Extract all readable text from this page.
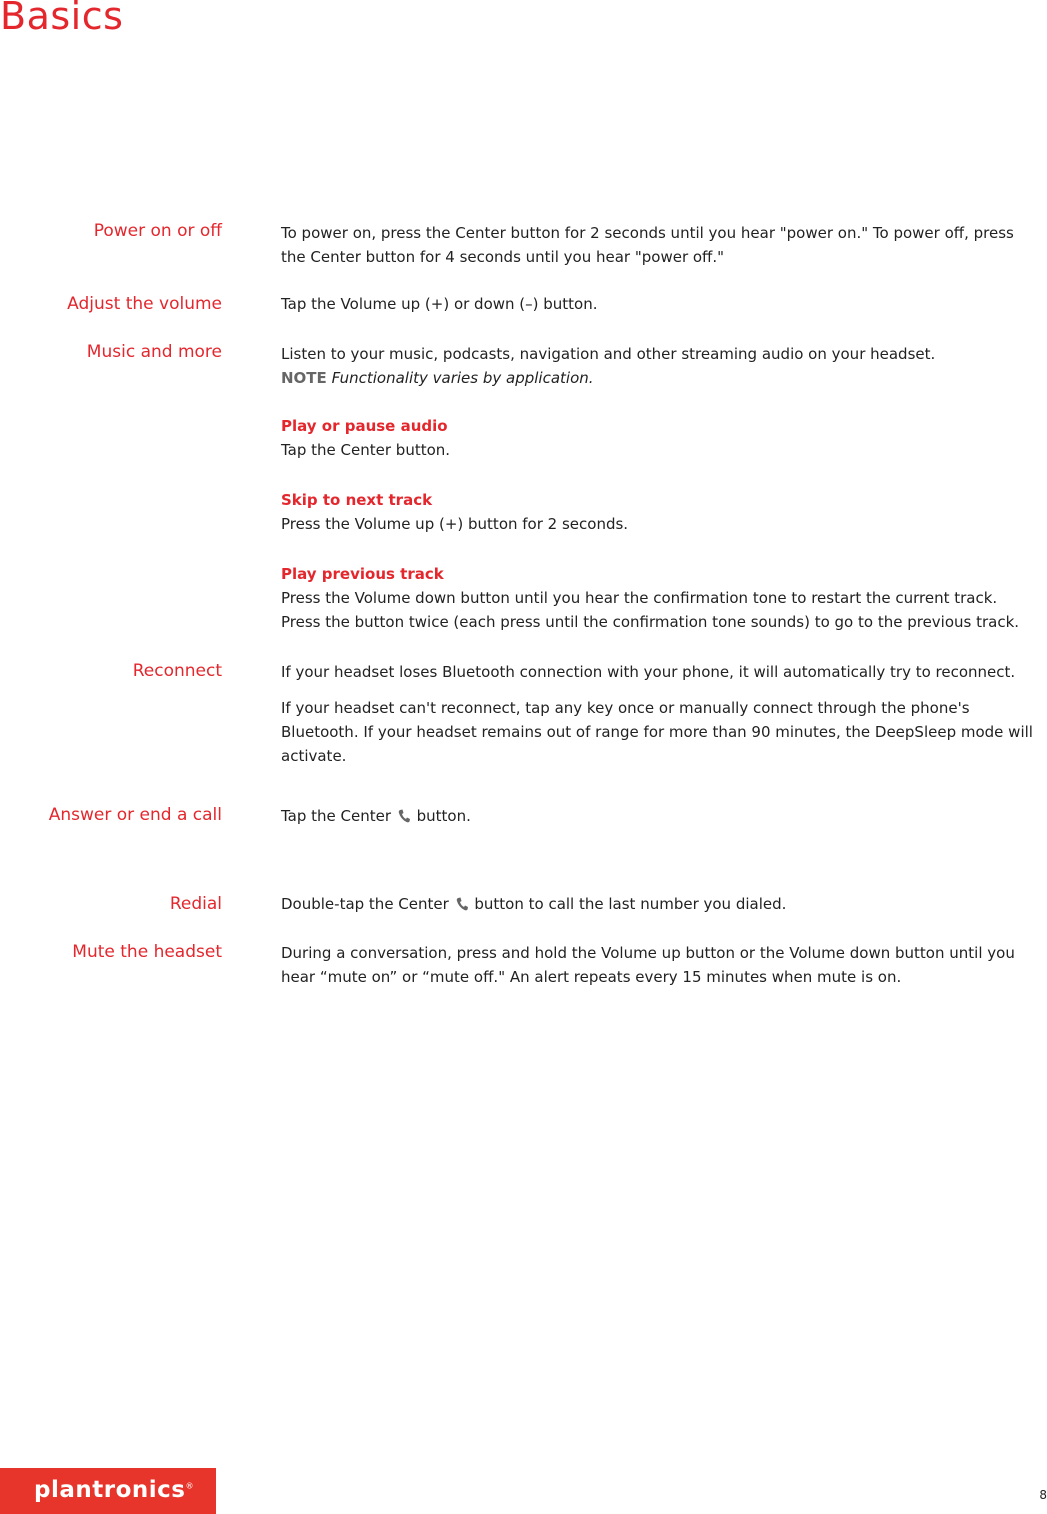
Basics
Power on or off	To power on, press the Center button for 2 seconds until you hear "power on." To power off, press the Center button for 4 seconds until you hear "power off."
Adjust the volume	Tap the Volume up (+) or down (–) button.
Music and more	Listen to your music, podcasts, navigation and other streaming audio on your headset.
NOTE Functionality varies by application.
Play or pause audio
Tap the Center button.
Skip to next track
Press the Volume up (+) button for 2 seconds.
Play previous track
Press the Volume down button until you hear the confirmation tone to restart the current track. Press the button twice (each press until the confirmation tone sounds) to go to the previous track.
Reconnect	If your headset loses Bluetooth connection with your phone, it will automatically try to reconnect.
If your headset can't reconnect, tap any key once or manually connect through the phone's Bluetooth. If your headset remains out of range for more than 90 minutes, the DeepSleep mode will activate.
Answer or end a call	Tap the Center button.
Redial	Double-tap the Center button to call the last number you dialed.
Mute the headset	During a conversation, press and hold the Volume up button or the Volume down button until you hear “mute on” or “mute off." An alert repeats every 15 minutes when mute is on.
plantronics®
8
